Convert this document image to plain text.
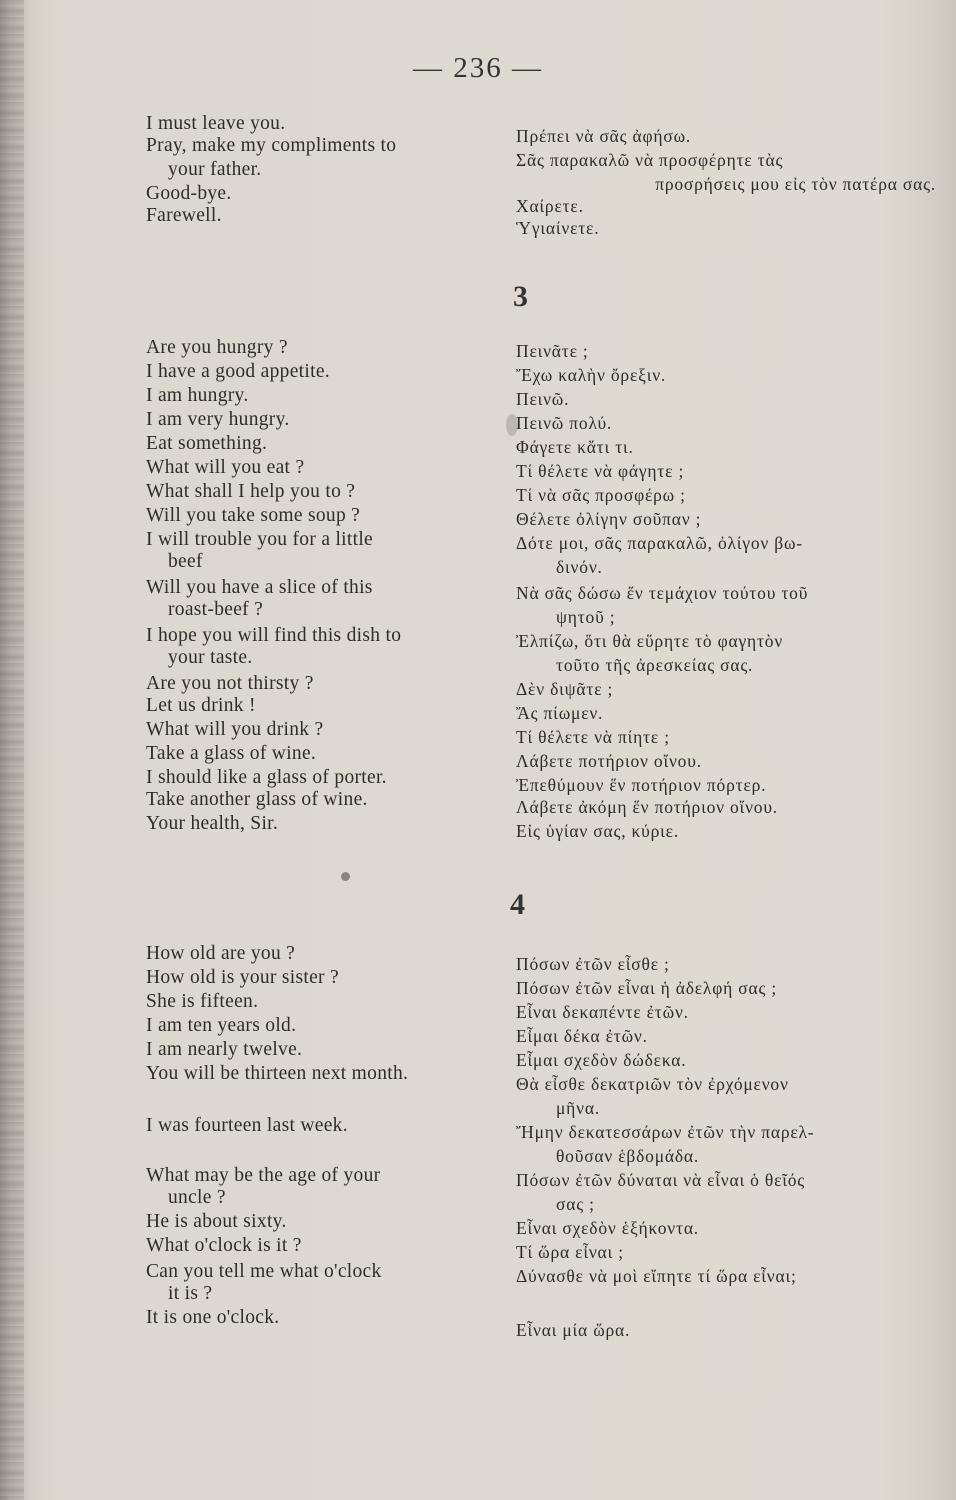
— 236 —
I must leave you.
Pray, make my compliments to
your father.
Good-bye.
Farewell.
Πρέπει νὰ σᾶς ἀφήσω.
Σᾶς παρακαλῶ νὰ προσφέρητε τὰς
προσρήσεις μου εἰς τὸν πατέρα σας.
Χαίρετε.
Ὑγιαίνετε.
3
Are you hungry ?
I have a good appetite.
I am hungry.
I am very hungry.
Eat something.
What will you eat ?
What shall I help you to ?
Will you take some soup ?
I will trouble you for a little
beef
Will you have a slice of this
roast-beef ?
I hope you will find this dish to
your taste.
Are you not thirsty ?
Let us drink !
What will you drink ?
Take a glass of wine.
I should like a glass of porter.
Take another glass of wine.
Your health, Sir.
Πεινᾶτε ;
Ἔχω καλὴν ὄρεξιν.
Πεινῶ.
Πεινῶ πολύ.
Φάγετε κἄτι τι.
Τί θέλετε νὰ φάγητε ;
Τί νὰ σᾶς προσφέρω ;
Θέλετε ὀλίγην σοῦπαν ;
Δότε μοι, σᾶς παρακαλῶ, ὀλίγον βω-
δινόν.
Νὰ σᾶς δώσω ἕν τεμάχιον τούτου τοῦ
ψητοῦ ;
Ἐλπίζω, ὅτι θὰ εὕρητε τὸ φαγητὸν
τοῦτο τῆς ἀρεσκείας σας.
Δὲν διψᾶτε ;
Ἄς πίωμεν.
Τί θέλετε νὰ πίητε ;
Λάβετε ποτήριον οἴνου.
Ἐπεθύμουν ἕν ποτήριον πόρτερ.
Λάβετε ἀκόμη ἕν ποτήριον οἴνου.
Εἰς ὑγίαν σας, κύριε.
4
How old are you ?
How old is your sister ?
She is fifteen.
I am ten years old.
I am nearly twelve.
You will be thirteen next month.
I was fourteen last week.
What may be the age of your
uncle ?
He is about sixty.
What o'clock is it ?
Can you tell me what o'clock
it is ?
It is one o'clock.
Πόσων ἐτῶν εἶσθε ;
Πόσων ἐτῶν εἶναι ἡ ἀδελφή σας ;
Εἶναι δεκαπέντε ἐτῶν.
Εἶμαι δέκα ἐτῶν.
Εἶμαι σχεδὸν δώδεκα.
Θὰ εἶσθε δεκατριῶν τὸν ἐρχόμενον
μῆνα.
Ἤμην δεκατεσσάρων ἐτῶν τὴν παρελ-
θοῦσαν ἑβδομάδα.
Πόσων ἐτῶν δύναται νὰ εἶναι ὁ θεῖός
σας ;
Εἶναι σχεδὸν ἑξήκοντα.
Τί ὥρα εἶναι ;
Δύνασθε νὰ μοὶ εἴπητε τί ὥρα εἶναι;
Εἶναι μία ὥρα.
